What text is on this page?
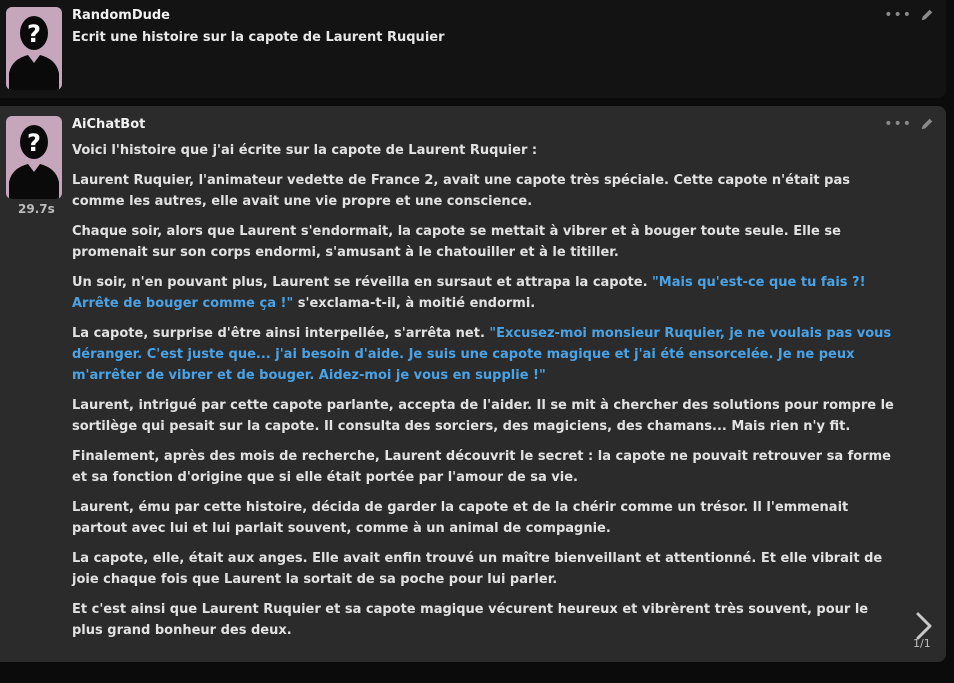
?
RandomDude	•••
Ecrit une histoire sur la capote de Laurent Ruquier
?
29.7s
AiChatBot	•••

Voici l'histoire que j'ai écrite sur la capote de Laurent Ruquier :

Laurent Ruquier, l'animateur vedette de France 2, avait une capote très spéciale. Cette capote n'était pas comme les autres, elle avait une vie propre et une conscience.

Chaque soir, alors que Laurent s'endormait, la capote se mettait à vibrer et à bouger toute seule. Elle se promenait sur son corps endormi, s'amusant à le chatouiller et à le titiller.

Un soir, n'en pouvant plus, Laurent se réveilla en sursaut et attrapa la capote. "Mais qu'est-ce que tu fais ?! Arrête de bouger comme ça !" s'exclama-t-il, à moitié endormi.

La capote, surprise d'être ainsi interpellée, s'arrêta net. "Excusez-moi monsieur Ruquier, je ne voulais pas vous déranger. C'est juste que... j'ai besoin d'aide. Je suis une capote magique et j'ai été ensorcelée. Je ne peux m'arrêter de vibrer et de bouger. Aidez-moi je vous en supplie !"

Laurent, intrigué par cette capote parlante, accepta de l'aider. Il se mit à chercher des solutions pour rompre le sortilège qui pesait sur la capote. Il consulta des sorciers, des magiciens, des chamans... Mais rien n'y fit.

Finalement, après des mois de recherche, Laurent découvrit le secret : la capote ne pouvait retrouver sa forme et sa fonction d'origine que si elle était portée par l'amour de sa vie.

Laurent, ému par cette histoire, décida de garder la capote et de la chérir comme un trésor. Il l'emmenait partout avec lui et lui parlait souvent, comme à un animal de compagnie.

La capote, elle, était aux anges. Elle avait enfin trouvé un maître bienveillant et attentionné. Et elle vibrait de joie chaque fois que Laurent la sortait de sa poche pour lui parler.

Et c'est ainsi que Laurent Ruquier et sa capote magique vécurent heureux et vibrèrent très souvent, pour le plus grand bonheur des deux.

1/1
